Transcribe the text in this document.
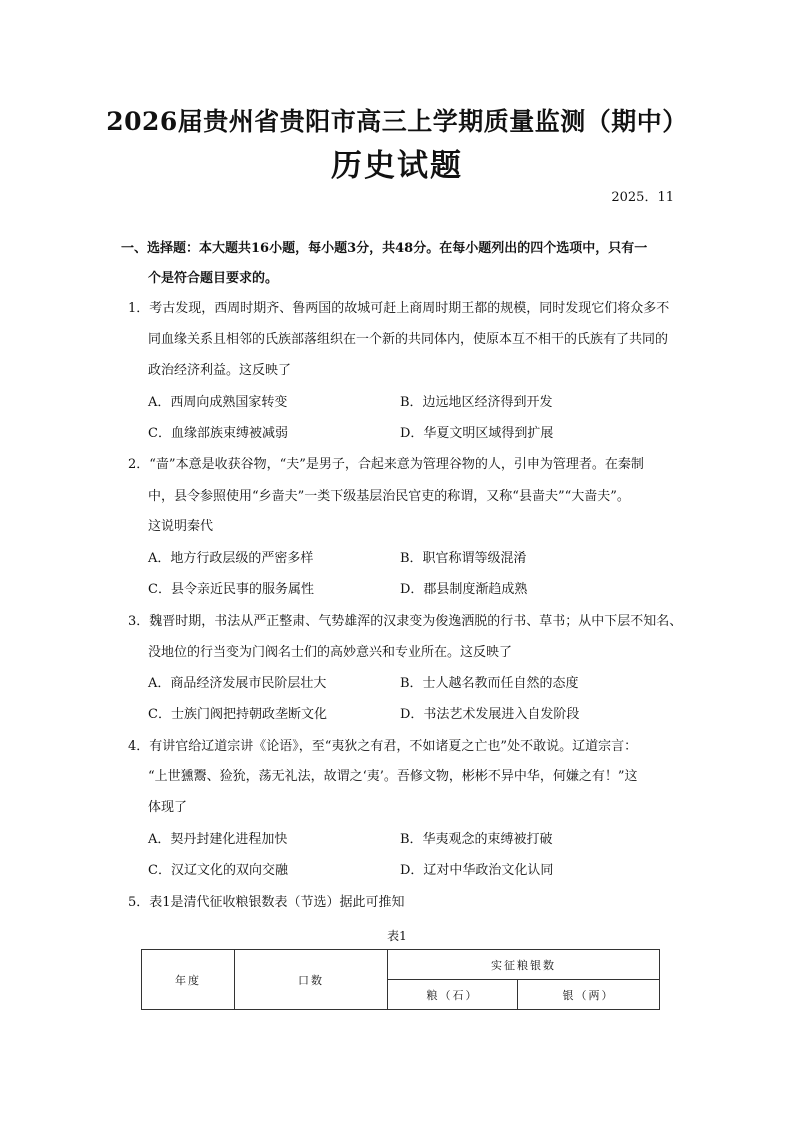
2026届贵州省贵阳市高三上学期质量监测（期中）
历史试题
2025．11
一、选择题：本大题共16小题，每小题3分，共48分。在每小题列出的四个选项中，只有一
个是符合题目要求的。
1．考古发现，西周时期齐、鲁两国的故城可赶上商周时期王都的规模，同时发现它们将众多不
同血缘关系且相邻的氏族部落组织在一个新的共同体内，使原本互不相干的氏族有了共同的
政治经济利益。这反映了
A．西周向成熟国家转变	B．边远地区经济得到开发
C．血缘部族束缚被减弱	D．华夏文明区域得到扩展
2．“啬”本意是收获谷物，“夫”是男子，合起来意为管理谷物的人，引申为管理者。在秦制
中，县令参照使用“乡啬夫”一类下级基层治民官吏的称谓，又称“县啬夫”“大啬夫”。
这说明秦代
A．地方行政层级的严密多样	B．职官称谓等级混淆
C．县令亲近民事的服务属性	D．郡县制度渐趋成熟
3．魏晋时期，书法从严正整肃、气势雄浑的汉隶变为俊逸洒脱的行书、草书；从中下层不知名、
没地位的行当变为门阀名士们的高妙意兴和专业所在。这反映了
A．商品经济发展市民阶层壮大	B．士人越名教而任自然的态度
C．士族门阀把持朝政垄断文化	D．书法艺术发展进入自发阶段
4．有讲官给辽道宗讲《论语》，至“夷狄之有君，不如诸夏之亡也”处不敢说。辽道宗言：
“上世獯鬻、猃狁，荡无礼法，故谓之‘夷’。吾修文物，彬彬不异中华，何嫌之有！”这
体现了
A．契丹封建化进程加快	B．华夷观念的束缚被打破
C．汉辽文化的双向交融	D．辽对中华政治文化认同
5．表1是清代征收粮银数表（节选）据此可推知
表1
年度	口数	实征粮银数	
		粮（石）	银（两）
